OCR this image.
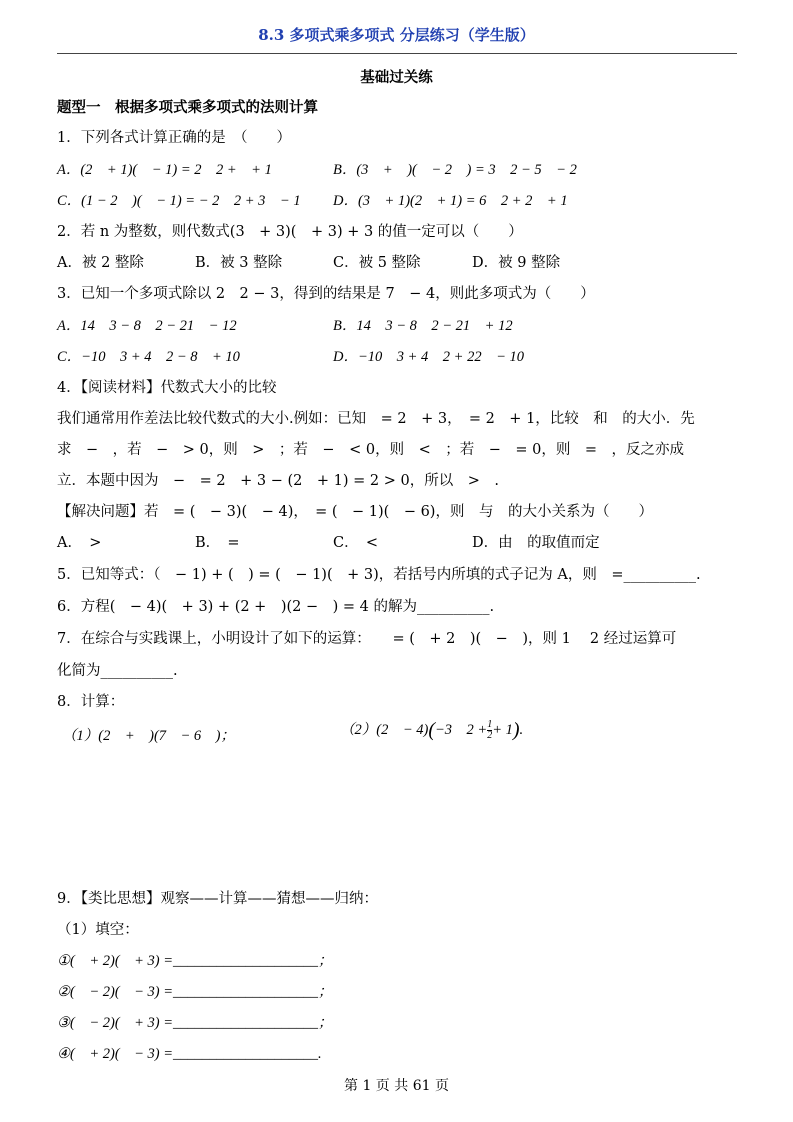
8.3 多项式乘多项式 分层练习（学生版）
基础过关练
题型一　根据多项式乘多项式的法则计算
1．下列各式计算正确的是　（　　）
A．(2　+ 1)(　− 1) = 2　2 +　+ 1	B．(3　+　)(　− 2　) = 3　2 − 5　− 2
C．(1 − 2　)(　− 1) = − 2　2 + 3　− 1 D．(3　+ 1)(2　+ 1) = 6　2 + 2　+ 1
2．若 n 为整数，则代数式(3　+ 3)(　+ 3) + 3 的值一定可以（　　）
A．被 2 整除	B．被 3 整除	C．被 5 整除	D．被 9 整除
3．已知一个多项式除以 2　2 − 3，得到的结果是 7　− 4，则此多项式为（　　）
A．14　3 − 8　2 − 21　− 12	B．14　3 − 8　2 − 21　+ 12
C．−10　3 + 4　2 − 8　+ 10	D．−10　3 + 4　2 + 22　− 10
4．【阅读材料】代数式大小的比较
我们通常用作差法比较代数式的大小.例如：已知　= 2　+ 3，　= 2　+ 1，比较　和　的大小．先
求　−　，若　−　> 0，则　>　；若　−　< 0，则　<　；若　−　= 0，则　=　，反之亦成
立．本题中因为　−　= 2　+ 3 − (2　+ 1) = 2 > 0，所以　>　.
【解决问题】若　= (　− 3)(　− 4)，　= (　− 1)(　− 6)，则　与　的大小关系为（　　）
A．　>	B．　=	C．　<	D．由　的取值而定
5．已知等式：（　− 1) + (　) = (　− 1)(　+ 3)，若括号内所填的式子记为 A，则　=__________.
6．方程(　− 4)(　+ 3) + (2 +　)(2 −　) = 4 的解为__________.
7．在综合与实践课上，小明设计了如下的运算：　　= (　+ 2　)(　−　)，则 1　 2 经过运算可
化简为__________.
8．计算：
（1）(2　+　)(7　− 6　)；	（2）(2　− 4)(−3　$2 + \frac{1}{2} + 1$).
9．【类比思想】观察——计算——猜想——归纳：
（1）填空：
①(　+ 2)(　+ 3) =____________________；
②(　− 2)(　− 3) =____________________；
③(　− 2)(　+ 3) =____________________；
④(　+ 2)(　− 3) =____________________.
第 1 页 共 61 页
